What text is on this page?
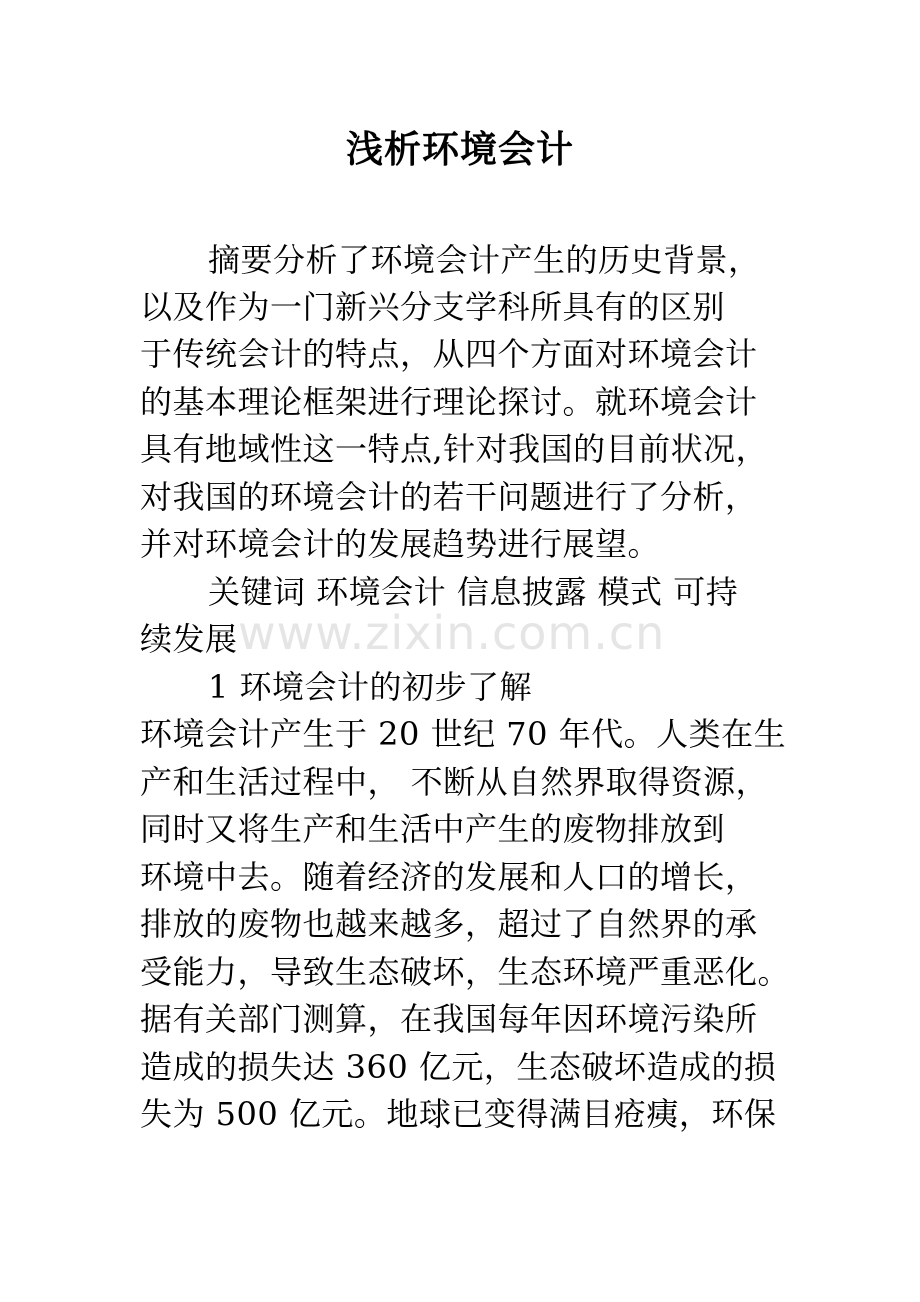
浅析环境会计
摘要分析了环境会计产生的历史背景，
以及作为一门新兴分支学科所具有的区别
于传统会计的特点，从四个方面对环境会计
的基本理论框架进行理论探讨。就环境会计
具有地域性这一特点,针对我国的目前状况，
对我国的环境会计的若干问题进行了分析，
并对环境会计的发展趋势进行展望。
关键词 环境会计 信息披露 模式 可持
续发展
1 环境会计的初步了解
环境会计产生于 20 世纪 70 年代。人类在生
产和生活过程中， 不断从自然界取得资源，
同时又将生产和生活中产生的废物排放到
环境中去。随着经济的发展和人口的增长，
排放的废物也越来越多，超过了自然界的承
受能力，导致生态破坏，生态环境严重恶化。
据有关部门测算，在我国每年因环境污染所
造成的损失达 360 亿元，生态破坏造成的损
失为 500 亿元。地球已变得满目疮痍，环保
www.zixin.com.cn
